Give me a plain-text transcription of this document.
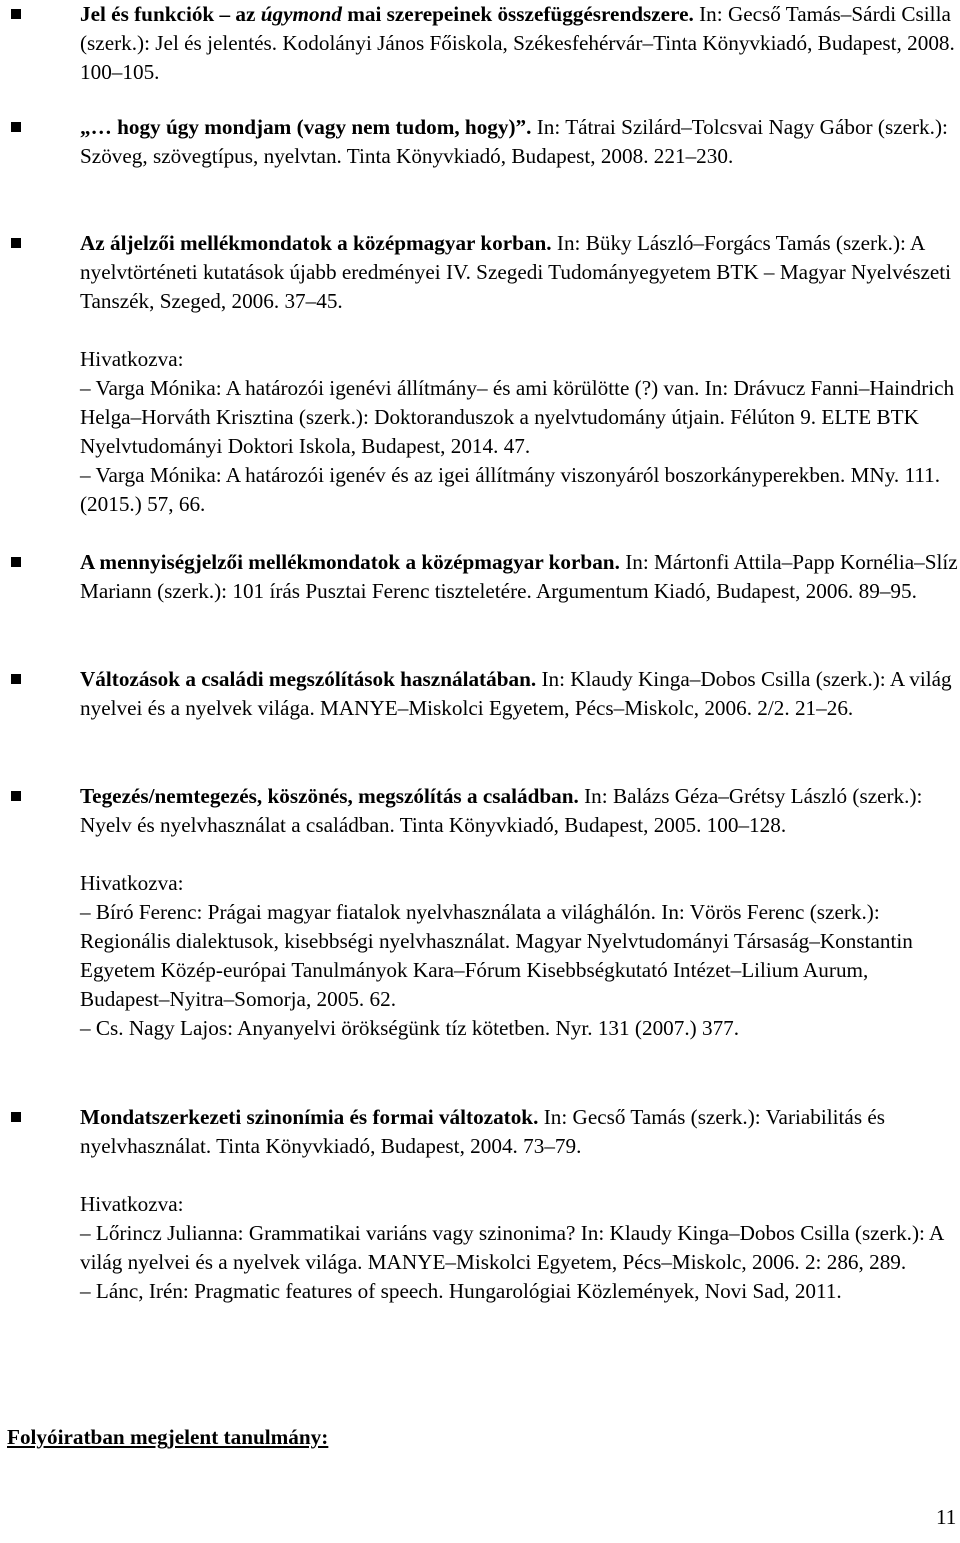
Jel és funkciók – az úgymond mai szerepeinek összefüggésrendszere. In: Gecső Tamás–Sárdi Csilla (szerk.): Jel és jelentés. Kodolányi János Főiskola, Székesfehérvár–Tinta Könyvkiadó, Budapest, 2008. 100–105.
„… hogy úgy mondjam (vagy nem tudom, hogy)”. In: Tátrai Szilárd–Tolcsvai Nagy Gábor (szerk.): Szöveg, szövegtípus, nyelvtan. Tinta Könyvkiadó, Budapest, 2008. 221–230.
Az áljelzői mellékmondatok a középmagyar korban. In: Büky László–Forgács Tamás (szerk.): A nyelvtörténeti kutatások újabb eredményei IV. Szegedi Tudományegyetem BTK – Magyar Nyelvészeti Tanszék, Szeged, 2006. 37–45.
Hivatkozva:
– Varga Mónika: A határozói igenévi állítmány– és ami körülötte (?) van. In: Drávucz Fanni–Haindrich Helga–Horváth Krisztina (szerk.): Doktoranduszok a nyelvtudomány útjain. Félúton 9. ELTE BTK Nyelvtudományi Doktori Iskola, Budapest, 2014. 47.
– Varga Mónika: A határozói igenév és az igei állítmány viszonyáról boszorkányperekben. MNy. 111. (2015.) 57, 66.
A mennyiségjelzői mellékmondatok a középmagyar korban. In: Mártonfi Attila–Papp Kornélia–Slíz Mariann (szerk.): 101 írás Pusztai Ferenc tiszteletére. Argumentum Kiadó, Budapest, 2006. 89–95.
Változások a családi megszólítások használatában. In: Klaudy Kinga–Dobos Csilla (szerk.): A világ nyelvei és a nyelvek világa. MANYE–Miskolci Egyetem, Pécs–Miskolc, 2006. 2/2. 21–26.
Tegezés/nemtegezés, köszönés, megszólítás a családban. In: Balázs Géza–Grétsy László (szerk.): Nyelv és nyelvhasználat a családban. Tinta Könyvkiadó, Budapest, 2005. 100–128.
Hivatkozva:
– Bíró Ferenc: Prágai magyar fiatalok nyelvhasználata a világhálón. In: Vörös Ferenc (szerk.): Regionális dialektusok, kisebbségi nyelvhasználat. Magyar Nyelvtudományi Társaság–Konstantin Egyetem Közép-európai Tanulmányok Kara–Fórum Kisebbségkutató Intézet–Lilium Aurum, Budapest–Nyitra–Somorja, 2005. 62.
– Cs. Nagy Lajos: Anyanyelvi örökségünk tíz kötetben. Nyr. 131 (2007.) 377.
Mondatszerkezeti szinonímia és formai változatok. In: Gecső Tamás (szerk.): Variabilitás és nyelvhasználat. Tinta Könyvkiadó, Budapest, 2004. 73–79.
Hivatkozva:
– Lőrincz Julianna: Grammatikai variáns vagy szinonima? In: Klaudy Kinga–Dobos Csilla (szerk.): A világ nyelvei és a nyelvek világa. MANYE–Miskolci Egyetem, Pécs–Miskolc, 2006. 2: 286, 289.
– Lánc, Irén: Pragmatic features of speech. Hungarológiai Közlemények, Novi Sad, 2011.
Folyóiratban megjelent tanulmány:
11
